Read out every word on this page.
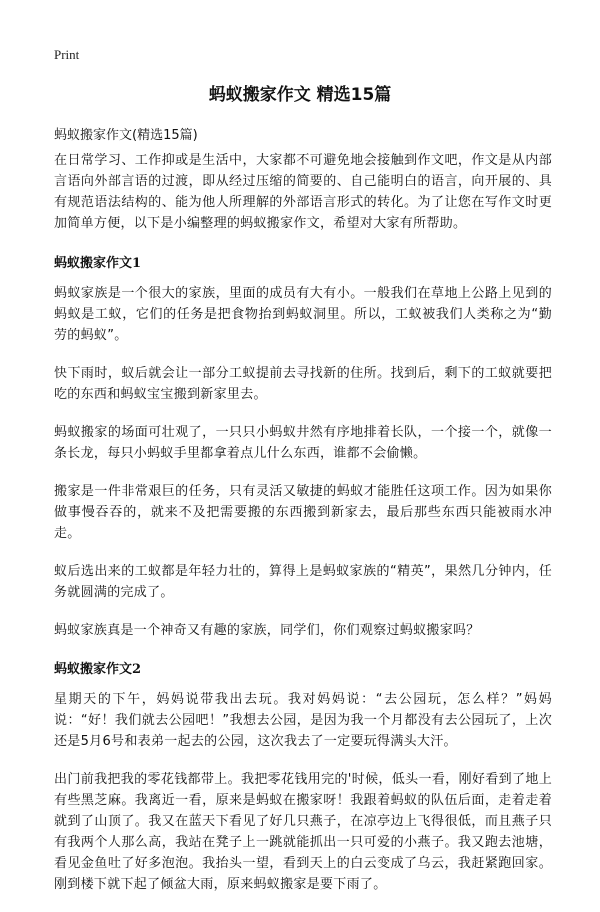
Print
蚂蚁搬家作文 精选15篇
蚂蚁搬家作文(精选15篇)

在日常学习、工作抑或是生活中，大家都不可避免地会接触到作文吧，作文是从内部言语向外部言语的过渡，即从经过压缩的简要的、自己能明白的语言，向开展的、具有规范语法结构的、能为他人所理解的外部语言形式的转化。为了让您在写作文时更加简单方便，以下是小编整理的蚂蚁搬家作文，希望对大家有所帮助。

蚂蚁搬家作文1

蚂蚁家族是一个很大的家族，里面的成员有大有小。一般我们在草地上公路上见到的蚂蚁是工蚁，它们的任务是把食物抬到蚂蚁洞里。所以，工蚁被我们人类称之为“勤劳的蚂蚁”。

快下雨时，蚁后就会让一部分工蚁提前去寻找新的住所。找到后，剩下的工蚁就要把吃的东西和蚂蚁宝宝搬到新家里去。

蚂蚁搬家的场面可壮观了，一只只小蚂蚁井然有序地排着长队，一个接一个，就像一条长龙，每只小蚂蚁手里都拿着点儿什么东西，谁都不会偷懒。

搬家是一件非常艰巨的任务，只有灵活又敏捷的蚂蚁才能胜任这项工作。因为如果你做事慢吞吞的，就来不及把需要搬的东西搬到新家去，最后那些东西只能被雨水冲走。

蚁后选出来的工蚁都是年轻力壮的，算得上是蚂蚁家族的“精英”，果然几分钟内，任务就圆满的完成了。

蚂蚁家族真是一个神奇又有趣的家族，同学们，你们观察过蚂蚁搬家吗？

蚂蚁搬家作文2

星期天的下午，妈妈说带我出去玩。我对妈妈说：“去公园玩，怎么样？”妈妈说：“好！我们就去公园吧！”我想去公园，是因为我一个月都没有去公园玩了，上次还是5月6号和表弟一起去的公园，这次我去了一定要玩得满头大汗。

出门前我把我的零花钱都带上。我把零花钱用完的'时候，低头一看，刚好看到了地上有些黑芝麻。我离近一看，原来是蚂蚁在搬家呀！我跟着蚂蚁的队伍后面，走着走着就到了山顶了。我又在蓝天下看见了好几只燕子，在凉亭边上飞得很低，而且燕子只有我两个人那么高，我站在凳子上一跳就能抓出一只可爱的小燕子。我又跑去池塘，看见金鱼吐了好多泡泡。我抬头一望，看到天上的白云变成了乌云，我赶紧跑回家。刚到楼下就下起了倾盆大雨，原来蚂蚁搬家是要下雨了。
